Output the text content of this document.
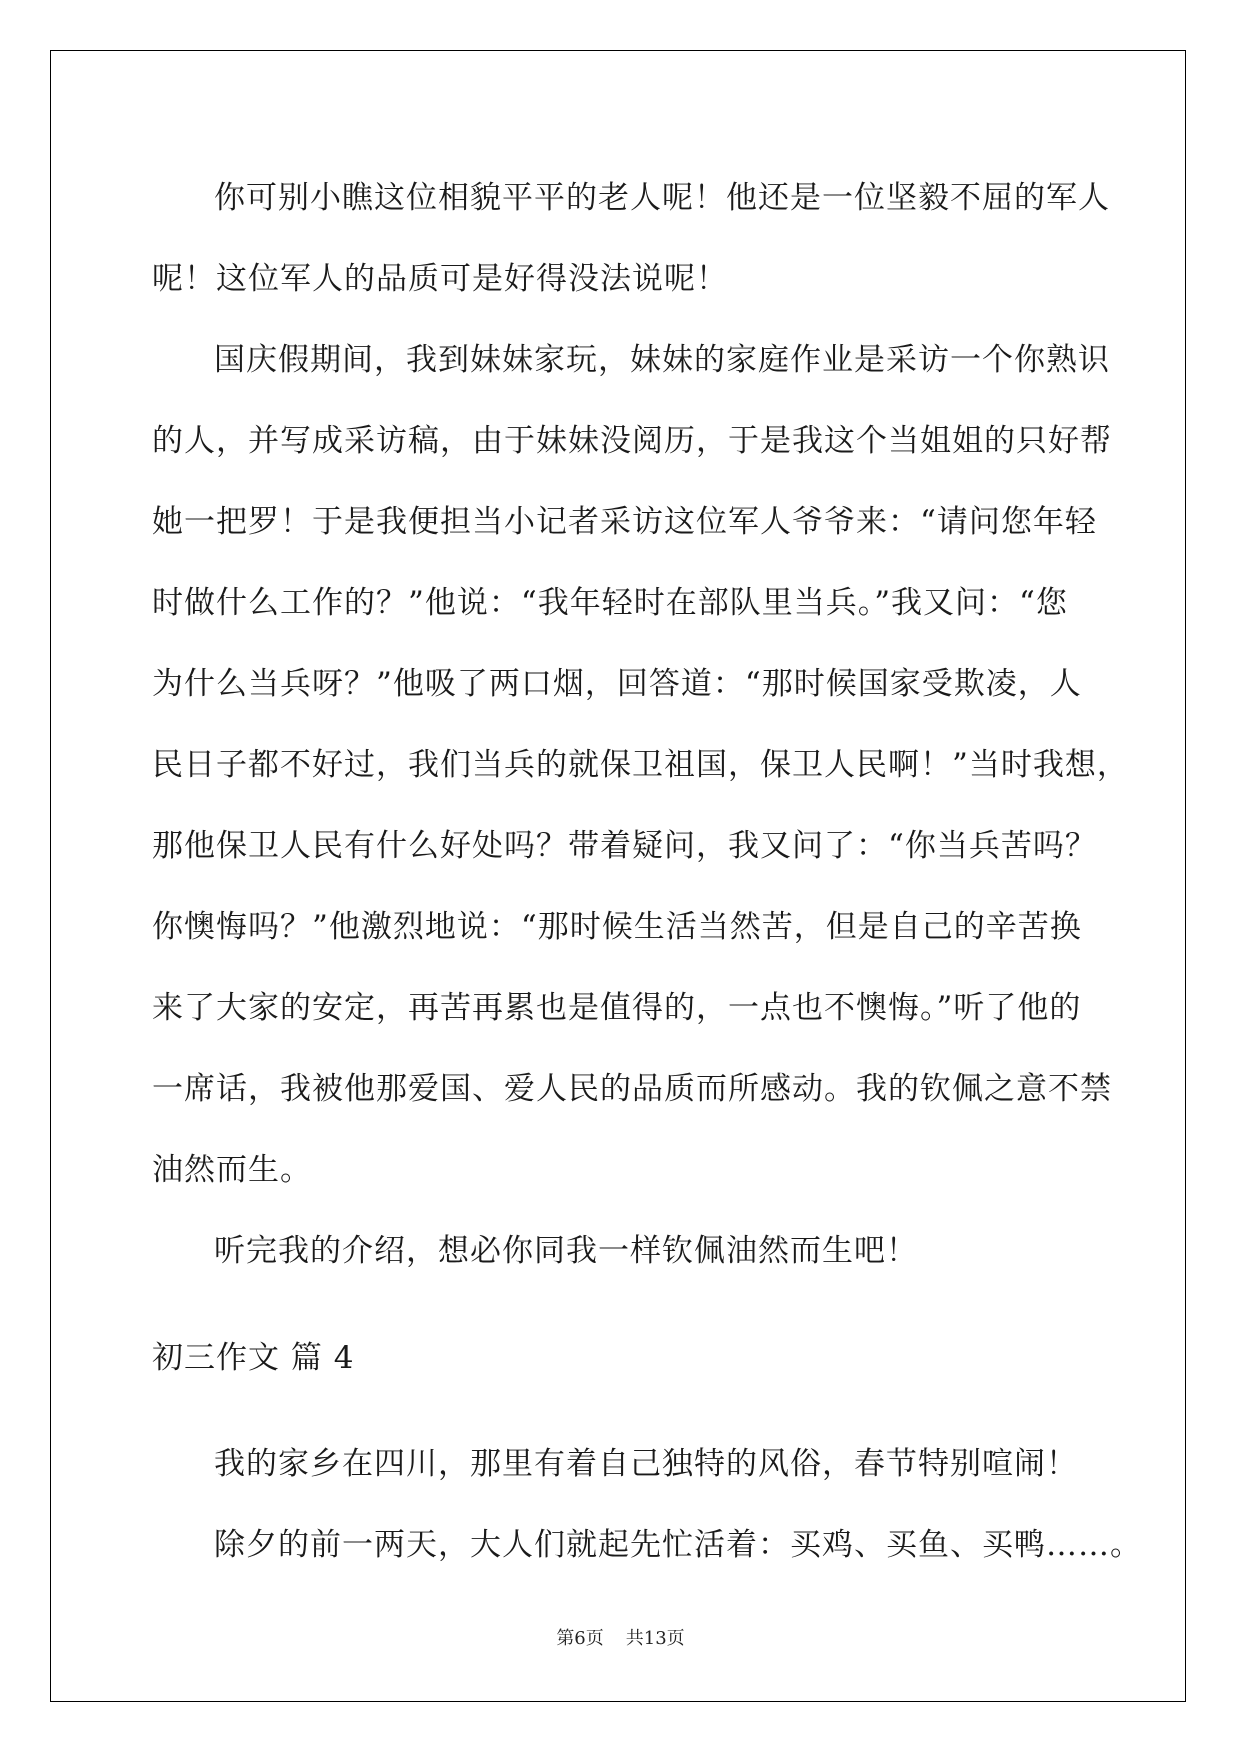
你可别小瞧这位相貌平平的老人呢！他还是一位坚毅不屈的军人

呢！这位军人的品质可是好得没法说呢！

国庆假期间，我到妹妹家玩，妹妹的家庭作业是采访一个你熟识

的人，并写成采访稿，由于妹妹没阅历，于是我这个当姐姐的只好帮

她一把罗！于是我便担当小记者采访这位军人爷爷来：“请问您年轻

时做什么工作的？”他说：“我年轻时在部队里当兵。”我又问：“您

为什么当兵呀？”他吸了两口烟，回答道：“那时候国家受欺凌，人

民日子都不好过，我们当兵的就保卫祖国，保卫人民啊！”当时我想，

那他保卫人民有什么好处吗？带着疑问，我又问了：“你当兵苦吗？

你懊悔吗？”他激烈地说：“那时候生活当然苦，但是自己的辛苦换

来了大家的安定，再苦再累也是值得的，一点也不懊悔。”听了他的

一席话，我被他那爱国、爱人民的品质而所感动。我的钦佩之意不禁

油然而生。

听完我的介绍，想必你同我一样钦佩油然而生吧！

初三作文 篇 4

我的家乡在四川，那里有着自己独特的风俗，春节特别喧闹！

除夕的前一两天，大人们就起先忙活着：买鸡、买鱼、买鸭……。

第6页 共13页
